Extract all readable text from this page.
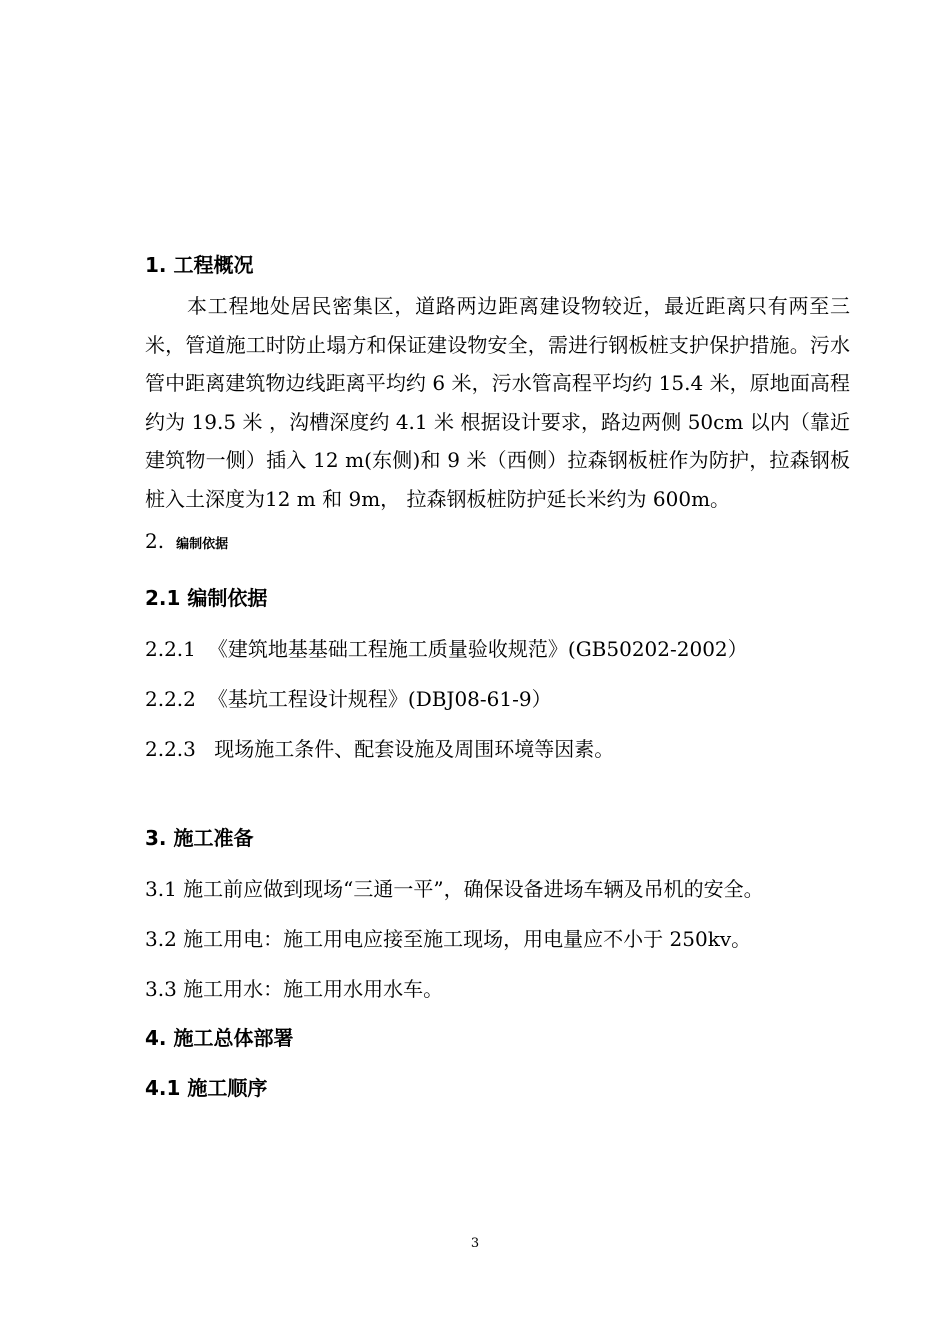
1. 工程概况

本工程地处居民密集区，道路两边距离建设物较近，最近距离只有两至三米，管道施工时防止塌方和保证建设物安全，需进行钢板桩支护保护措施。污水管中距离建筑物边线距离平均约 6 米，污水管高程平均约 15.4 米，原地面高程约为 19.5 米 ，沟槽深度约 4.1 米 根据设计要求，路边两侧 50cm 以内（靠近建筑物一侧）插入 12 m(东侧)和 9 米（西侧）拉森钢板桩作为防护，拉森钢板桩入土深度为12 m 和 9m， 拉森钢板桩防护延长米约为 600m。

2. 编制依据
2.1 编制依据
2.2.1 《建筑地基基础工程施工质量验收规范》(GB50202-2002）
2.2.2 《基坑工程设计规程》(DBJ08-61-9）
2.2.3 现场施工条件、配套设施及周围环境等因素。
3. 施工准备
3.1 施工前应做到现场“三通一平”，确保设备进场车辆及吊机的安全。
3.2 施工用电：施工用电应接至施工现场，用电量应不小于 250kv。
3.3 施工用水：施工用水用水车。
4. 施工总体部署
4.1 施工顺序
3
